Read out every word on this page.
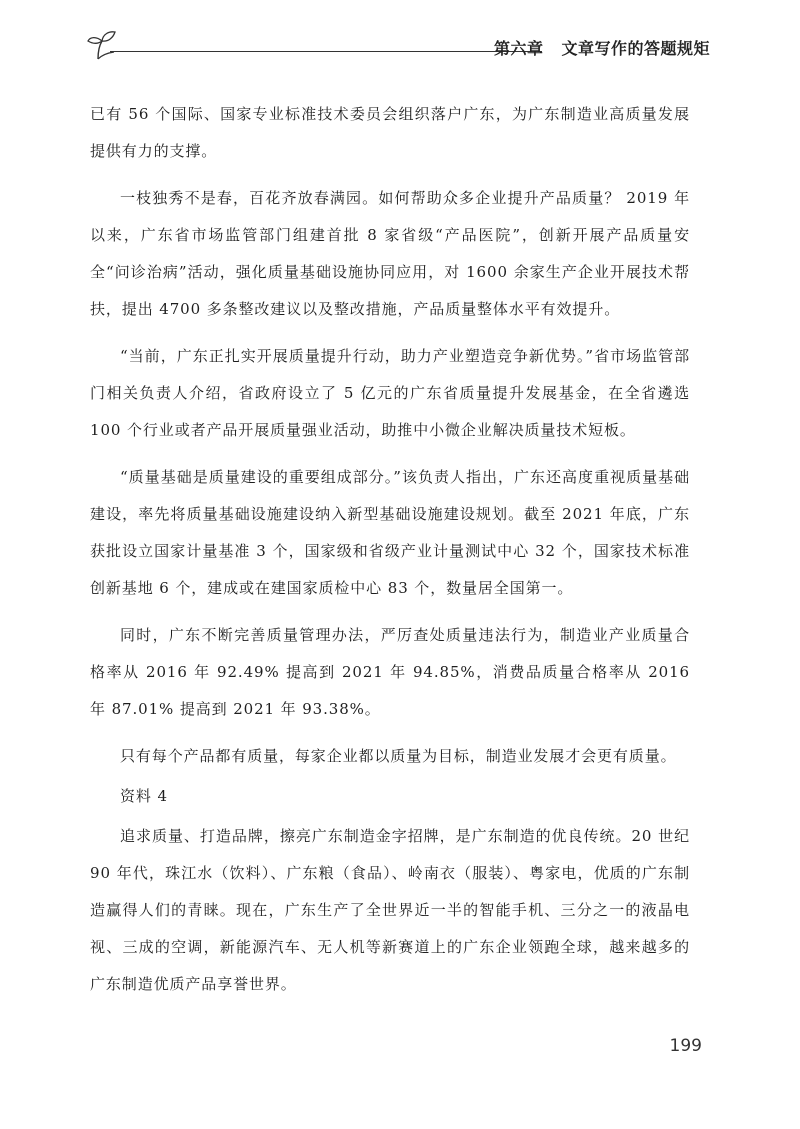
第六章 文章写作的答题规矩

已有 56 个国际、国家专业标准技术委员会组织落户广东，为广东制造业高质量发展提供有力的支撑。

一枝独秀不是春，百花齐放春满园。如何帮助众多企业提升产品质量？ 2019 年以来，广东省市场监管部门组建首批 8 家省级“产品医院”，创新开展产品质量安全“问诊治病”活动，强化质量基础设施协同应用，对 1600 余家生产企业开展技术帮扶，提出 4700 多条整改建议以及整改措施，产品质量整体水平有效提升。

“当前，广东正扎实开展质量提升行动，助力产业塑造竞争新优势。”省市场监管部门相关负责人介绍，省政府设立了 5 亿元的广东省质量提升发展基金，在全省遴选 100 个行业或者产品开展质量强业活动，助推中小微企业解决质量技术短板。

“质量基础是质量建设的重要组成部分。”该负责人指出，广东还高度重视质量基础建设，率先将质量基础设施建设纳入新型基础设施建设规划。截至 2021 年底，广东获批设立国家计量基准 3 个，国家级和省级产业计量测试中心 32 个，国家技术标准创新基地 6 个，建成或在建国家质检中心 83 个，数量居全国第一。

同时，广东不断完善质量管理办法，严厉查处质量违法行为，制造业产业质量合格率从 2016 年 92.49% 提高到 2021 年 94.85%，消费品质量合格率从 2016 年 87.01% 提高到 2021 年 93.38%。

只有每个产品都有质量，每家企业都以质量为目标，制造业发展才会更有质量。

资料 4

追求质量、打造品牌，擦亮广东制造金字招牌，是广东制造的优良传统。20 世纪 90 年代，珠江水（饮料）、广东粮（食品）、岭南衣（服装）、粤家电，优质的广东制造赢得人们的青睐。现在，广东生产了全世界近一半的智能手机、三分之一的液晶电视、三成的空调，新能源汽车、无人机等新赛道上的广东企业领跑全球，越来越多的广东制造优质产品享誉世界。

199
